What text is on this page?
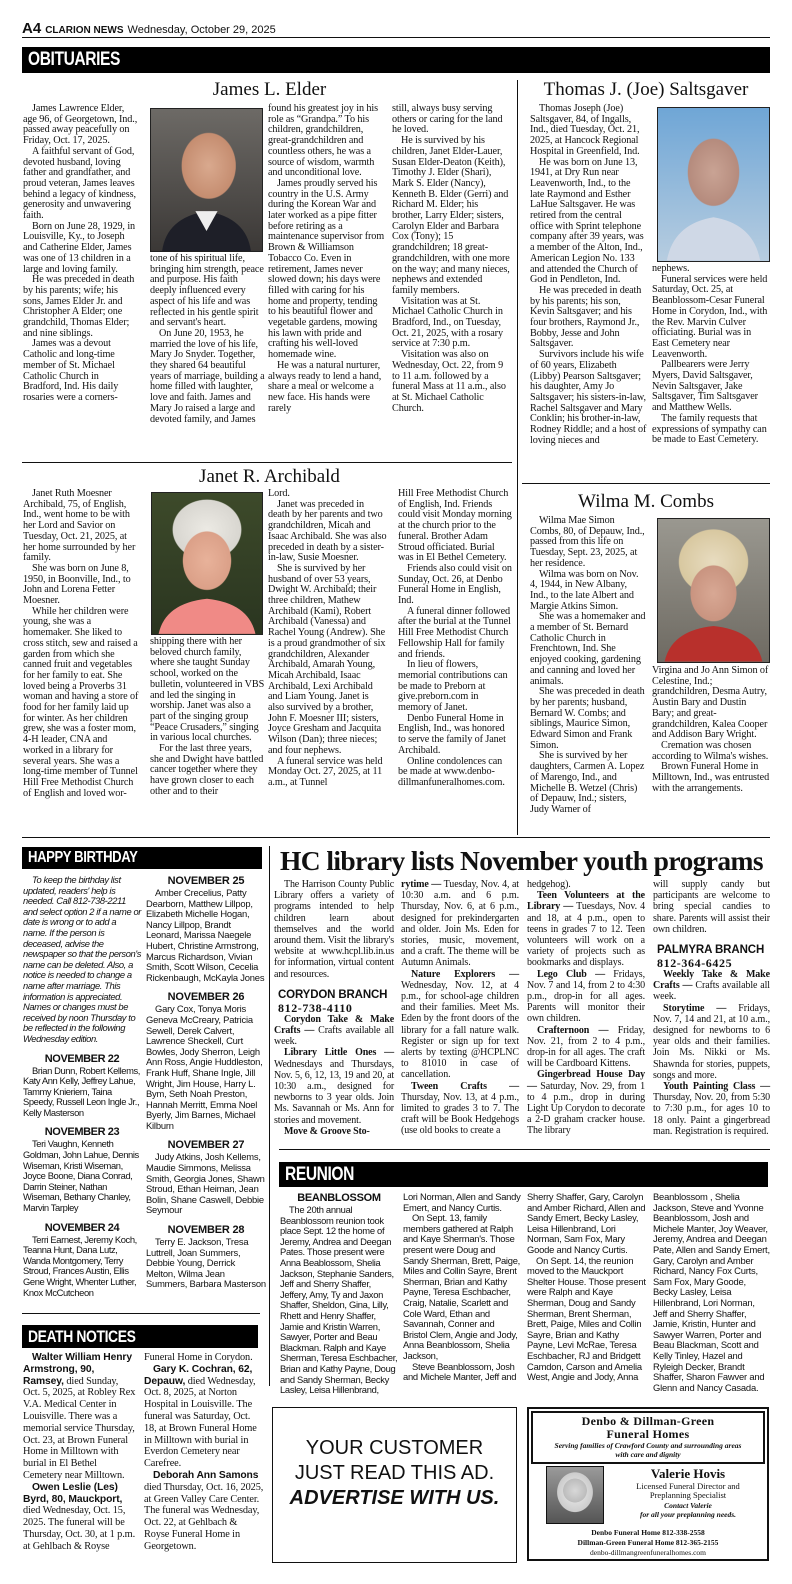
A4 CLARION NEWS Wednesday, October 29, 2025
OBITUARIES
James L. Elder

James Lawrence Elder, age 96, of Georgetown, Ind., passed away peacefully on Friday, Oct. 17, 2025.

A faithful servant of God, devoted husband, loving father and grandfather, and proud veteran, James leaves behind a legacy of kindness, generosity and unwavering faith.

Born on June 28, 1929, in Louisville, Ky., to Joseph and Catherine Elder, James was one of 13 children in a large and loving family.

He was preceded in death by his parents; wife; his sons, James Elder Jr. and Christopher A Elder; one grandchild, Thomas Elder; and nine siblings.

James was a devout Catholic and long-time member of St. Michael Catholic Church in Bradford, Ind. His daily rosaries were a corners-

tone of his spiritual life, bringing him strength, peace and purpose. His faith deeply influenced every aspect of his life and was reflected in his gentle spirit and servant's heart.

On June 20, 1953, he married the love of his life, Mary Jo Snyder. Together, they shared 64 beautiful years of marriage, building a home filled with laughter, love and faith. James and Mary Jo raised a large and devoted family, and James

found his greatest joy in his role as “Grandpa.” To his children, grandchildren, great-grandchildren and countless others, he was a source of wisdom, warmth and unconditional love.

James proudly served his country in the U.S. Army during the Korean War and later worked as a pipe fitter before retiring as a maintenance supervisor from Brown & Williamson Tobacco Co. Even in retirement, James never slowed down; his days were filled with caring for his home and property, tending to his beautiful flower and vegetable gardens, mowing his lawn with pride and crafting his well-loved homemade wine.

He was a natural nurturer, always ready to lend a hand, share a meal or welcome a new face. His hands were rarely

still, always busy serving others or caring for the land he loved.

He is survived by his children, Janet Elder-Lauer, Susan Elder-Deaton (Keith), Timothy J. Elder (Shari), Mark S. Elder (Nancy), Kenneth B. Elder (Gerri) and Richard M. Elder; his brother, Larry Elder; sisters, Carolyn Elder and Barbara Cox (Tony); 15 grandchildren; 18 great-grandchildren, with one more on the way; and many nieces, nephews and extended family members.

Visitation was at St. Michael Catholic Church in Bradford, Ind., on Tuesday, Oct. 21, 2025, with a rosary service at 7:30 p.m.

Visitation was also on Wednesday, Oct. 22, from 9 to 11 a.m. followed by a funeral Mass at 11 a.m., also at St. Michael Catholic Church.

Thomas J. (Joe) Saltsgaver

Thomas Joseph (Joe) Saltsgaver, 84, of Ingalls, Ind., died Tuesday, Oct. 21, 2025, at Hancock Regional Hospital in Greenfield, Ind.

He was born on June 13, 1941, at Dry Run near Leavenworth, Ind., to the late Raymond and Esther LaHue Saltsgaver. He was retired from the central office with Sprint telephone company after 39 years, was a member of the Alton, Ind., American Legion No. 133 and attended the Church of God in Pendleton, Ind.

He was preceded in death by his parents; his son, Kevin Saltsgaver; and his four brothers, Raymond Jr., Bobby, Jesse and John Saltsgaver.

Survivors include his wife of 60 years, Elizabeth (Libby) Pearson Saltsgaver; his daughter, Amy Jo Saltsgaver; his sisters-in-law, Rachel Saltsgaver and Mary Conklin; his brother-in-law, Rodney Riddle; and a host of loving nieces and

nephews.

Funeral services were held Saturday, Oct. 25, at Beanblossom-Cesar Funeral Home in Corydon, Ind., with the Rev. Marvin Culver officiating. Burial was in East Cemetery near Leavenworth.

Pallbearers were Jerry Myers, David Saltsgaver, Nevin Saltsgaver, Jake Saltsgaver, Tim Saltsgaver and Matthew Wells.

The family requests that expressions of sympathy can be made to East Cemetery.

Janet R. Archibald

Janet Ruth Moesner Archibald, 75, of English, Ind., went home to be with her Lord and Savior on Tuesday, Oct. 21, 2025, at her home surrounded by her family.

She was born on June 8, 1950, in Boonville, Ind., to John and Lorena Fetter Moesner.

While her children were young, she was a homemaker. She liked to cross stitch, sew and raised a garden from which she canned fruit and vegetables for her family to eat. She loved being a Proverbs 31 woman and having a store of food for her family laid up for winter. As her children grew, she was a foster mom, 4-H leader, CNA and worked in a library for several years. She was a long-time member of Tunnel Hill Free Methodist Church of English and loved wor-

shipping there with her beloved church family, where she taught Sunday school, worked on the bulletin, volunteered in VBS and led the singing in worship. Janet was also a part of the singing group “Peace Crusaders,” singing in various local churches.

For the last three years, she and Dwight have battled cancer together where they have grown closer to each other and to their

Lord.

Janet was preceded in death by her parents and two grandchildren, Micah and Isaac Archibald. She was also preceded in death by a sister-in-law, Susie Moesner.

She is survived by her husband of over 53 years, Dwight W. Archibald; their three children, Mathew Archibald (Kami), Robert Archibald (Vanessa) and Rachel Young (Andrew). She is a proud grandmother of six grandchildren, Alexander Archibald, Amarah Young, Micah Archibald, Isaac Archibald, Lexi Archibald and Liam Young. Janet is also survived by a brother, John F. Moesner III; sisters, Joyce Gresham and Jacquita Wilson (Dan); three nieces; and four nephews.

A funeral service was held Monday Oct. 27, 2025, at 11 a.m., at Tunnel

Hill Free Methodist Church of English, Ind. Friends could visit Monday morning at the church prior to the funeral. Brother Adam Stroud officiated. Burial was in El Bethel Cemetery.

Friends also could visit on Sunday, Oct. 26, at Denbo Funeral Home in English, Ind.

A funeral dinner followed after the burial at the Tunnel Hill Free Methodist Church Fellowship Hall for family and friends.

In lieu of flowers, memorial contributions can be made to Preborn at give.preborn.com in memory of Janet.

Denbo Funeral Home in English, Ind., was honored to serve the family of Janet Archibald.

Online condolences can be made at www.denbo-dillmanfuneralhomes.com.

Wilma M. Combs

Wilma Mae Simon Combs, 80, of Depauw, Ind., passed from this life on Tuesday, Sept. 23, 2025, at her residence.

Wilma was born on Nov. 4, 1944, in New Albany, Ind., to the late Albert and Margie Atkins Simon.

She was a homemaker and a member of St. Bernard Catholic Church in Frenchtown, Ind. She enjoyed cooking, gardening and canning and loved her animals.

She was preceded in death by her parents; husband, Bernard W. Combs; and siblings, Maurice Simon, Edward Simon and Frank Simon.

She is survived by her daughters, Carmen A. Lopez of Marengo, Ind., and Michelle B. Wetzel (Chris) of Depauw, Ind.; sisters, Judy Warner of

Virgina and Jo Ann Simon of Celestine, Ind.; grandchildren, Desma Autry, Austin Bary and Dustin Bary; and great-grandchildren, Kalea Cooper and Addison Bary Wright.

Cremation was chosen according to Wilma's wishes.

Brown Funeral Home in Milltown, Ind., was entrusted with the arrangements.

HAPPY BIRTHDAY

To keep the birthday list updated, readers' help is needed. Call 812-738-2211 and select option 2 if a name or date is wrong or to add a name. If the person is deceased, advise the newspaper so that the person's name can be deleted. Also, a notice is needed to change a name after marriage. This information is appreciated. Names or changes must be received by noon Thursday to be reflected in the following Wednesday edition.

NOVEMBER 22

Brian Dunn, Robert Kellems, Katy Ann Kelly, Jeffrey Lahue, Tammy Knieriem, Taina Speedy, Russell Leon Ingle Jr., Kelly Masterson

NOVEMBER 23

Teri Vaughn, Kenneth Goldman, John Lahue, Dennis Wiseman, Kristi Wiseman, Joyce Boone, Diana Conrad, Darrin Steiner, Nathan Wiseman, Bethany Chanley, Marvin Tarpley

NOVEMBER 24

Terri Earnest, Jeremy Koch, Teanna Hunt, Dana Lutz, Wanda Montgomery, Terry Stroud, Frances Austin, Ellis Gene Wright, Whenter Luther, Knox McCutcheon

NOVEMBER 25

Amber Crecelius, Patty Dearborn, Matthew Lillpop, Elizabeth Michelle Hogan, Nancy Lillpop, Brandt Leonard, Marissa Naegele Hubert, Christine Armstrong, Marcus Richardson, Vivian Smith, Scott Wilson, Cecelia Rickenbaugh, McKayla Jones

NOVEMBER 26

Gary Cox, Tonya Moris Geneva McCreary, Patricia Sewell, Derek Calvert, Lawrence Sheckell, Curt Bowles, Jody Sherron, Leigh Ann Ross, Angie Huddleston, Frank Huff, Shane Ingle, Jill Wright, Jim House, Harry L. Bym, Seth Noah Preston, Hannah Merritt, Emma Noel Byerly, Jim Barnes, Michael Kilburn

NOVEMBER 27

Judy Atkins, Josh Kellems, Maudie Simmons, Melissa Smith, Georgia Jones, Shawn Stroud, Ethan Heiman, Jean Bolin, Shane Caswell, Debbie Seymour

NOVEMBER 28

Terry E. Jackson, Tresa Luttrell, Joan Summers, Debbie Young, Derrick Melton, Wilma Jean Summers, Barbara Masterson

HC library lists November youth programs

The Harrison County Public Library offers a variety of programs intended to help children learn about themselves and the world around them. Visit the library's website at www.hcpl.lib.in.us for information, virtual content and resources.

CORYDON BRANCH
812-738-4110

Corydon Take & Make Crafts — Crafts available all week.

Library Little Ones — Wednesdays and Thursdays, Nov. 5, 6, 12, 13, 19 and 20, at 10:30 a.m., designed for newborns to 3 year olds. Join Ms. Savannah or Ms. Ann for stories and movement.

Move & Groove Sto-

rytime — Tuesday, Nov. 4, at 10:30 a.m. and 6 p.m. Thursday, Nov. 6, at 6 p.m., designed for prekindergarten and older. Join Ms. Eden for stories, music, movement, and a craft. The theme will be Autumn Animals.

Nature Explorers — Wednesday, Nov. 12, at 4 p.m., for school-age children and their families. Meet Ms. Eden by the front doors of the library for a fall nature walk. Register or sign up for text alerts by texting @HCPLNC to 81010 in case of cancellation.

Tween Crafts — Thursday, Nov. 13, at 4 p.m., limited to grades 3 to 7. The craft will be Book Hedgehogs (use old books to create a

hedgehog).

Teen Volunteers at the Library — Tuesdays, Nov. 4 and 18, at 4 p.m., open to teens in grades 7 to 12. Teen volunteers will work on a variety of projects such as bookmarks and displays.

Lego Club — Fridays, Nov. 7 and 14, from 2 to 4:30 p.m., drop-in for all ages. Parents will monitor their own children.

Crafternoon — Friday, Nov. 21, from 2 to 4 p.m., drop-in for all ages. The craft will be Cardboard Kittens.

Gingerbread House Day — Saturday, Nov. 29, from 1 to 4 p.m., drop in during Light Up Corydon to decorate a 2-D graham cracker house. The library

will supply candy but participants are welcome to bring special candies to share. Parents will assist their own children.

PALMYRA BRANCH
812-364-6425

Weekly Take & Make Crafts — Crafts available all week.

Storytime — Fridays, Nov. 7, 14 and 21, at 10 a.m., designed for newborns to 6 year olds and their families. Join Ms. Nikki or Ms. Shawnda for stories, puppets, songs and more.

Youth Painting Class — Thursday, Nov. 20, from 5:30 to 7:30 p.m., for ages 10 to 18 only. Paint a gingerbread man. Registration is required.

REUNION
BEANBLOSSOM

The 20th annual Beanblossom reunion took place Sept. 12 the home of Jeremy, Andrea and Deegan Pates. Those present were Anna Beablossom, Shelia Jackson, Stephanie Sanders, Jeff and Sherry Shaffer, Jeffery, Amy, Ty and Jaxon Shaffer, Sheldon, Gina, Lilly, Rhett and Henry Shaffer, Jamie and Kristin Warren, Sawyer, Porter and Beau Blackman. Ralph and Kaye Sherman, Teresa Eschbacher, Brian and Kathy Payne, Doug and Sandy Sherman, Becky Lasley, Leisa Hillenbrand,

Lori Norman, Allen and Sandy Emert, and Nancy Curtis.

On Sept. 13, family members gathered at Ralph and Kaye Sherman's. Those present were Doug and Sandy Sherman, Brett, Paige, Miles and Collin Sayre, Brent Sherman, Brian and Kathy Payne, Teresa Eschbacher, Craig, Natalie, Scarlett and Cole Ward, Ethan and Savannah, Conner and Bristol Clem, Angie and Jody, Anna Beanblossom, Shelia Jackson,

Steve Beanblossom, Josh and Michele Manter, Jeff and

Sherry Shaffer, Gary, Carolyn and Amber Richard, Allen and Sandy Emert, Becky Lasley, Leisa Hillenbrand, Lori Norman, Sam Fox, Mary Goode and Nancy Curtis.

On Sept. 14, the reunion moved to the Mauckport Shelter House. Those present were Ralph and Kaye Sherman, Doug and Sandy Sherman, Brent Sherman, Brett, Paige, Miles and Collin Sayre, Brian and Kathy Payne, Levi McRae, Teresa Eschbacher, RJ and Bridgett Camdon, Carson and Amelia West, Angie and Jody, Anna

Beanblossom , Shelia Jackson, Steve and Yvonne Beanblossom, Josh and Michele Manter, Joy Weaver, Jeremy, Andrea and Deegan Pate, Allen and Sandy Emert, Gary, Carolyn and Amber Richard, Nancy Fox Curts, Sam Fox, Mary Goode, Becky Lasley, Leisa Hillenbrand, Lori Norman, Jeff and Sherry Shaffer, Jamie, Kristin, Hunter and Sawyer Warren, Porter and Beau Blackman, Scott and Kelly Tinley, Hazel and Ryleigh Decker, Brandt Shaffer, Sharon Fawver and Glenn and Nancy Casada.

DEATH NOTICES

Walter William Henry Armstrong, 90, Ramsey, died Sunday, Oct. 5, 2025, at Robley Rex V.A. Medical Center in Louisville. There was a memorial service Thursday, Oct. 23, at Brown Funeral Home in Milltown with burial in El Bethel Cemetery near Milltown.

Owen Leslie (Les) Byrd, 80, Mauckport, died Wednesday, Oct. 15, 2025. The funeral will be Thursday, Oct. 30, at 1 p.m. at Gehlbach & Royse

Funeral Home in Corydon.

Gary K. Cochran, 62, Depauw, died Wednesday, Oct. 8, 2025, at Norton Hospital in Louisville. The funeral was Saturday, Oct. 18, at Brown Funeral Home in Milltown with burial in Everdon Cemetery near Carefree.

Deborah Ann Samons died Thursday, Oct. 16, 2025, at Green Valley Care Center. The funeral was Wednesday, Oct. 22, at Gehlbach & Royse Funeral Home in Georgetown.

YOUR CUSTOMER
JUST READ THIS AD.
ADVERTISE WITH US.
Denbo & Dillman-Green
Funeral Homes
Serving families of Crawford County and surrounding areas with care and dignity
Valerie Hovis
Licensed Funeral Director and Preplanning Specialist
Contact Valerie
for all your preplanning needs.
Denbo Funeral Home 812-338-2558
Dillman-Green Funeral Home 812-365-2155
denbo-dillmangreenfuneralhomes.com
